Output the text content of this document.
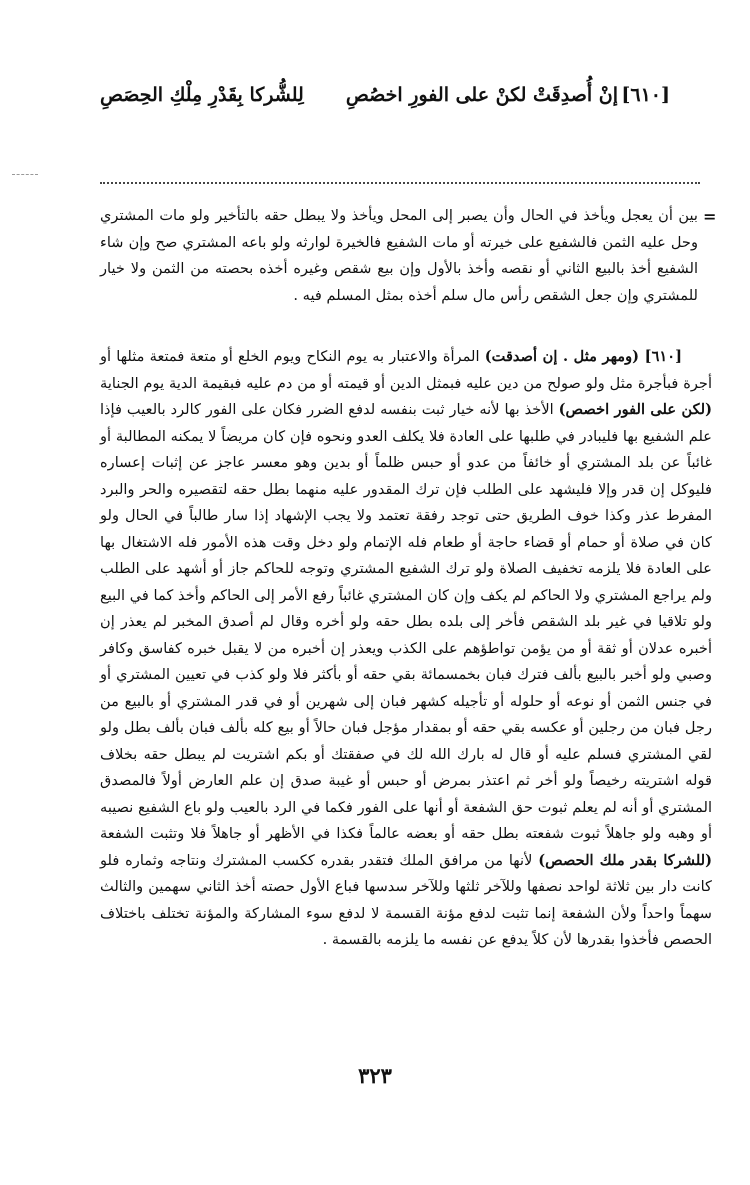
[٦١٠]
إنْ أُصدِقَتْ لكنْ على الفورِ اخصُصِ
لِلشُّركا بِقَدْرِ مِلْكِ الحِصَصِ
=

بين أن يعجل ويأخذ في الحال وأن يصبر إلى المحل ويأخذ ولا يبطل حقه بالتأخير ولو مات المشتري وحل عليه الثمن فالشفيع على خيرته أو مات الشفيع فالخيرة لوارثه ولو باعه المشتري صح وإن شاء الشفيع أخذ بالبيع الثاني أو نقصه وأخذ بالأول وإن بيع شقص وغيره أخذه بحصته من الثمن ولا خيار للمشتري وإن جعل الشقص رأس مال سلم أخذه بمثل المسلم فيه .

[٦١٠] (ومهر مثل . إن أصدقت) المرأة والاعتبار به يوم النكاح ويوم الخلع أو متعة فمتعة مثلها أو أجرة فبأجرة مثل ولو صولح من دين عليه فبمثل الدين أو قيمته أو من دم عليه فبقيمة الدية يوم الجناية (لكن على الفور اخصص) الأخذ بها لأنه خيار ثبت بنفسه لدفع الضرر فكان على الفور كالرد بالعيب فإذا علم الشفيع بها فليبادر في طلبها على العادة فلا يكلف العدو ونحوه فإن كان مريضاً لا يمكنه المطالبة أو غائباً عن بلد المشتري أو خائفاً من عدو أو حبس ظلماً أو بدين وهو معسر عاجز عن إثبات إعساره فليوكل إن قدر وإلا فليشهد على الطلب فإن ترك المقدور عليه منهما بطل حقه لتقصيره والحر والبرد المفرط عذر وكذا خوف الطريق حتى توجد رفقة تعتمد ولا يجب الإشهاد إذا سار طالباً في الحال ولو كان في صلاة أو حمام أو قضاء حاجة أو طعام فله الإتمام ولو دخل وقت هذه الأمور فله الاشتغال بها على العادة فلا يلزمه تخفيف الصلاة ولو ترك الشفيع المشتري وتوجه للحاكم جاز أو أشهد على الطلب ولم يراجع المشتري ولا الحاكم لم يكف وإن كان المشتري غائباً رفع الأمر إلى الحاكم وأخذ كما في البيع ولو تلاقيا في غير بلد الشقص فأخر إلى بلده بطل حقه ولو أخره وقال لم أصدق المخبر لم يعذر إن أخبره عدلان أو ثقة أو من يؤمن تواطؤهم على الكذب ويعذر إن أخبره من لا يقبل خبره كفاسق وكافر وصبي ولو أخبر بالبيع بألف فترك فبان بخمسمائة بقي حقه أو بأكثر فلا ولو كذب في تعيين المشتري أو في جنس الثمن أو نوعه أو حلوله أو تأجيله كشهر فبان إلى شهرين أو في قدر المشتري أو بالبيع من رجل فبان من رجلين أو عكسه بقي حقه أو بمقدار مؤجل فبان حالاً أو بيع كله بألف فبان بألف بطل ولو لقي المشتري فسلم عليه أو قال له بارك الله لك في صفقتك أو بكم اشتريت لم يبطل حقه بخلاف قوله اشتريته رخيصاً ولو أخر ثم اعتذر بمرض أو حبس أو غيبة صدق إن علم العارض أولاً فالمصدق المشتري أو أنه لم يعلم ثبوت حق الشفعة أو أنها على الفور فكما في الرد بالعيب ولو باع الشفيع نصيبه أو وهبه ولو جاهلاً ثبوت شفعته بطل حقه أو بعضه عالماً فكذا في الأظهر أو جاهلاً فلا وتثبت الشفعة (للشركا بقدر ملك الحصص) لأنها من مرافق الملك فتقدر بقدره ككسب المشترك ونتاجه وثماره فلو كانت دار بين ثلاثة لواحد نصفها وللآخر ثلثها وللآخر سدسها فباع الأول حصته أخذ الثاني سهمين والثالث سهماً واحداً ولأن الشفعة إنما تثبت لدفع مؤنة القسمة لا لدفع سوء المشاركة والمؤنة تختلف باختلاف الحصص فأخذوا بقدرها لأن كلاً يدفع عن نفسه ما يلزمه بالقسمة .

٣٢٣
